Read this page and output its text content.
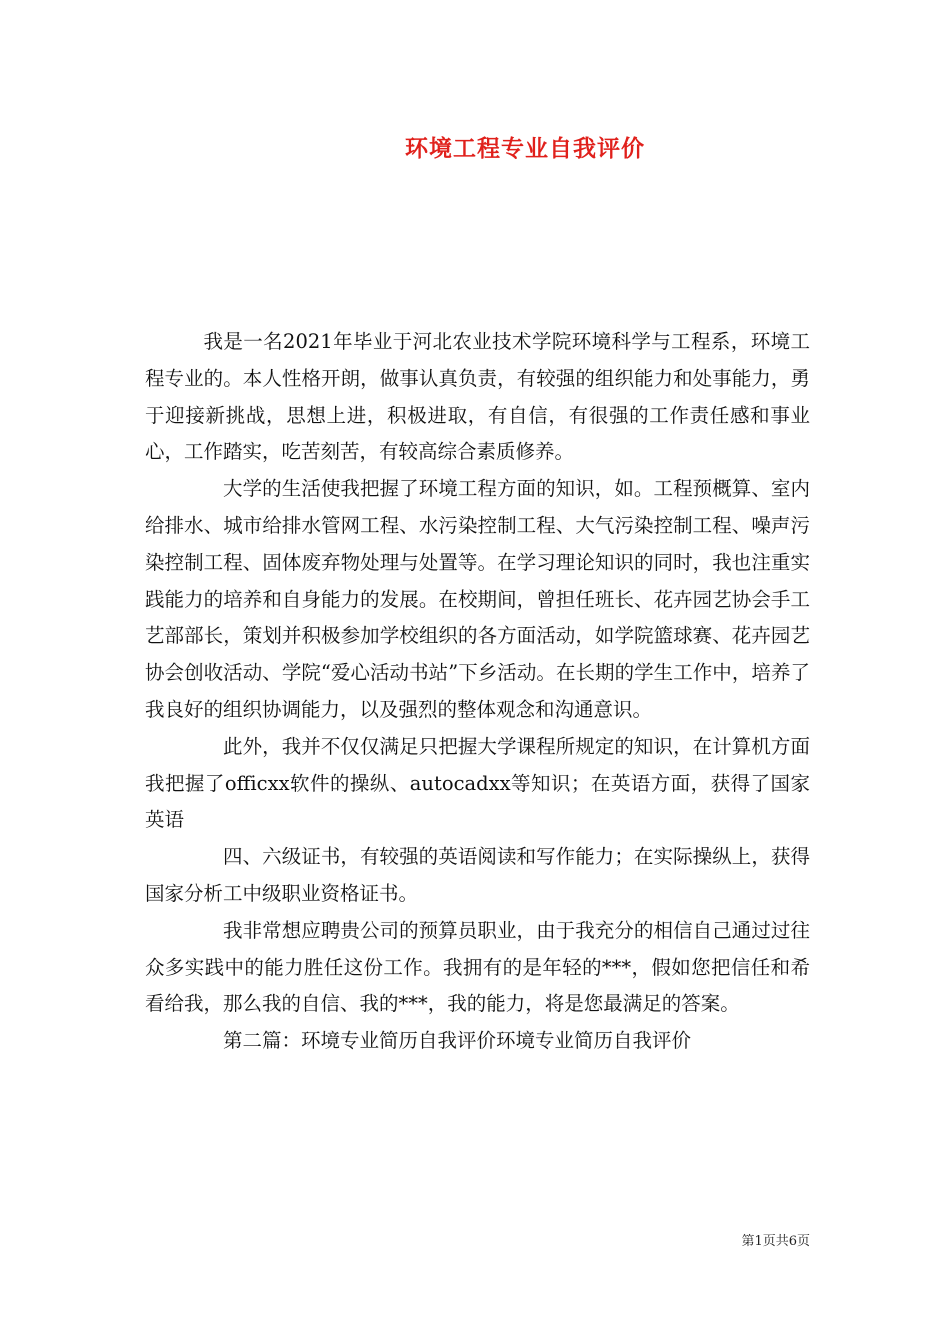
环境工程专业自我评价

我是一名2021年毕业于河北农业技术学院环境科学与工程系，环境工程专业的。本人性格开朗，做事认真负责，有较强的组织能力和处事能力，勇于迎接新挑战，思想上进，积极进取，有自信，有很强的工作责任感和事业心，工作踏实，吃苦刻苦，有较高综合素质修养。

大学的生活使我把握了环境工程方面的知识，如。工程预概算、室内给排水、城市给排水管网工程、水污染控制工程、大气污染控制工程、噪声污染控制工程、固体废弃物处理与处置等。在学习理论知识的同时，我也注重实践能力的培养和自身能力的发展。在校期间，曾担任班长、花卉园艺协会手工艺部部长，策划并积极参加学校组织的各方面活动，如学院篮球赛、花卉园艺协会创收活动、学院“爱心活动书站”下乡活动。在长期的学生工作中，培养了我良好的组织协调能力，以及强烈的整体观念和沟通意识。

此外，我并不仅仅满足只把握大学课程所规定的知识，在计算机方面我把握了officxx软件的操纵、autocadxx等知识；在英语方面，获得了国家英语

四、六级证书，有较强的英语阅读和写作能力；在实际操纵上，获得国家分析工中级职业资格证书。

我非常想应聘贵公司的预算员职业，由于我充分的相信自己通过过往众多实践中的能力胜任这份工作。我拥有的是年轻的***，假如您把信任和希看给我，那么我的自信、我的***，我的能力，将是您最满足的答案。

第二篇：环境专业简历自我评价环境专业简历自我评价

第1页共6页
